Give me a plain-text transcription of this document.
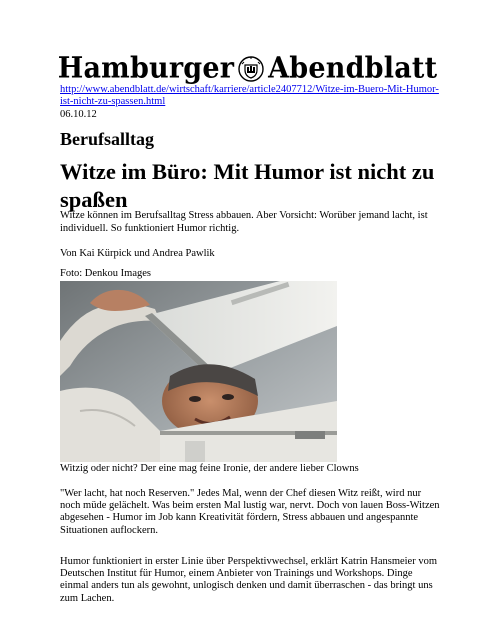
Hamburger Abendblatt
http://www.abendblatt.de/wirtschaft/karriere/article2407712/Witze-im-Buero-Mit-Humor-ist-nicht-zu-spassen.html
06.10.12
Berufsalltag
Witze im Büro: Mit Humor ist nicht zu spaßen
Witze können im Berufsalltag Stress abbauen. Aber Vorsicht: Worüber jemand lacht, ist individuell. So funktioniert Humor richtig.
Von Kai Kürpick und Andrea Pawlik
Foto: Denkou Images
Witzig oder nicht? Der eine mag feine Ironie, der andere lieber Clowns

"Wer lacht, hat noch Reserven." Jedes Mal, wenn der Chef diesen Witz reißt, wird nur noch müde gelächelt. Was beim ersten Mal lustig war, nervt. Doch von lauen Boss-Witzen abgesehen - Humor im Job kann Kreativität fördern, Stress abbauen und angespannte Situationen auflockern.

Humor funktioniert in erster Linie über Perspektivwechsel, erklärt Katrin Hansmeier vom Deutschen Institut für Humor, einem Anbieter von Trainings und Workshops. Dinge einmal anders tun als gewohnt, unlogisch denken und damit überraschen - das bringt uns zum Lachen.
